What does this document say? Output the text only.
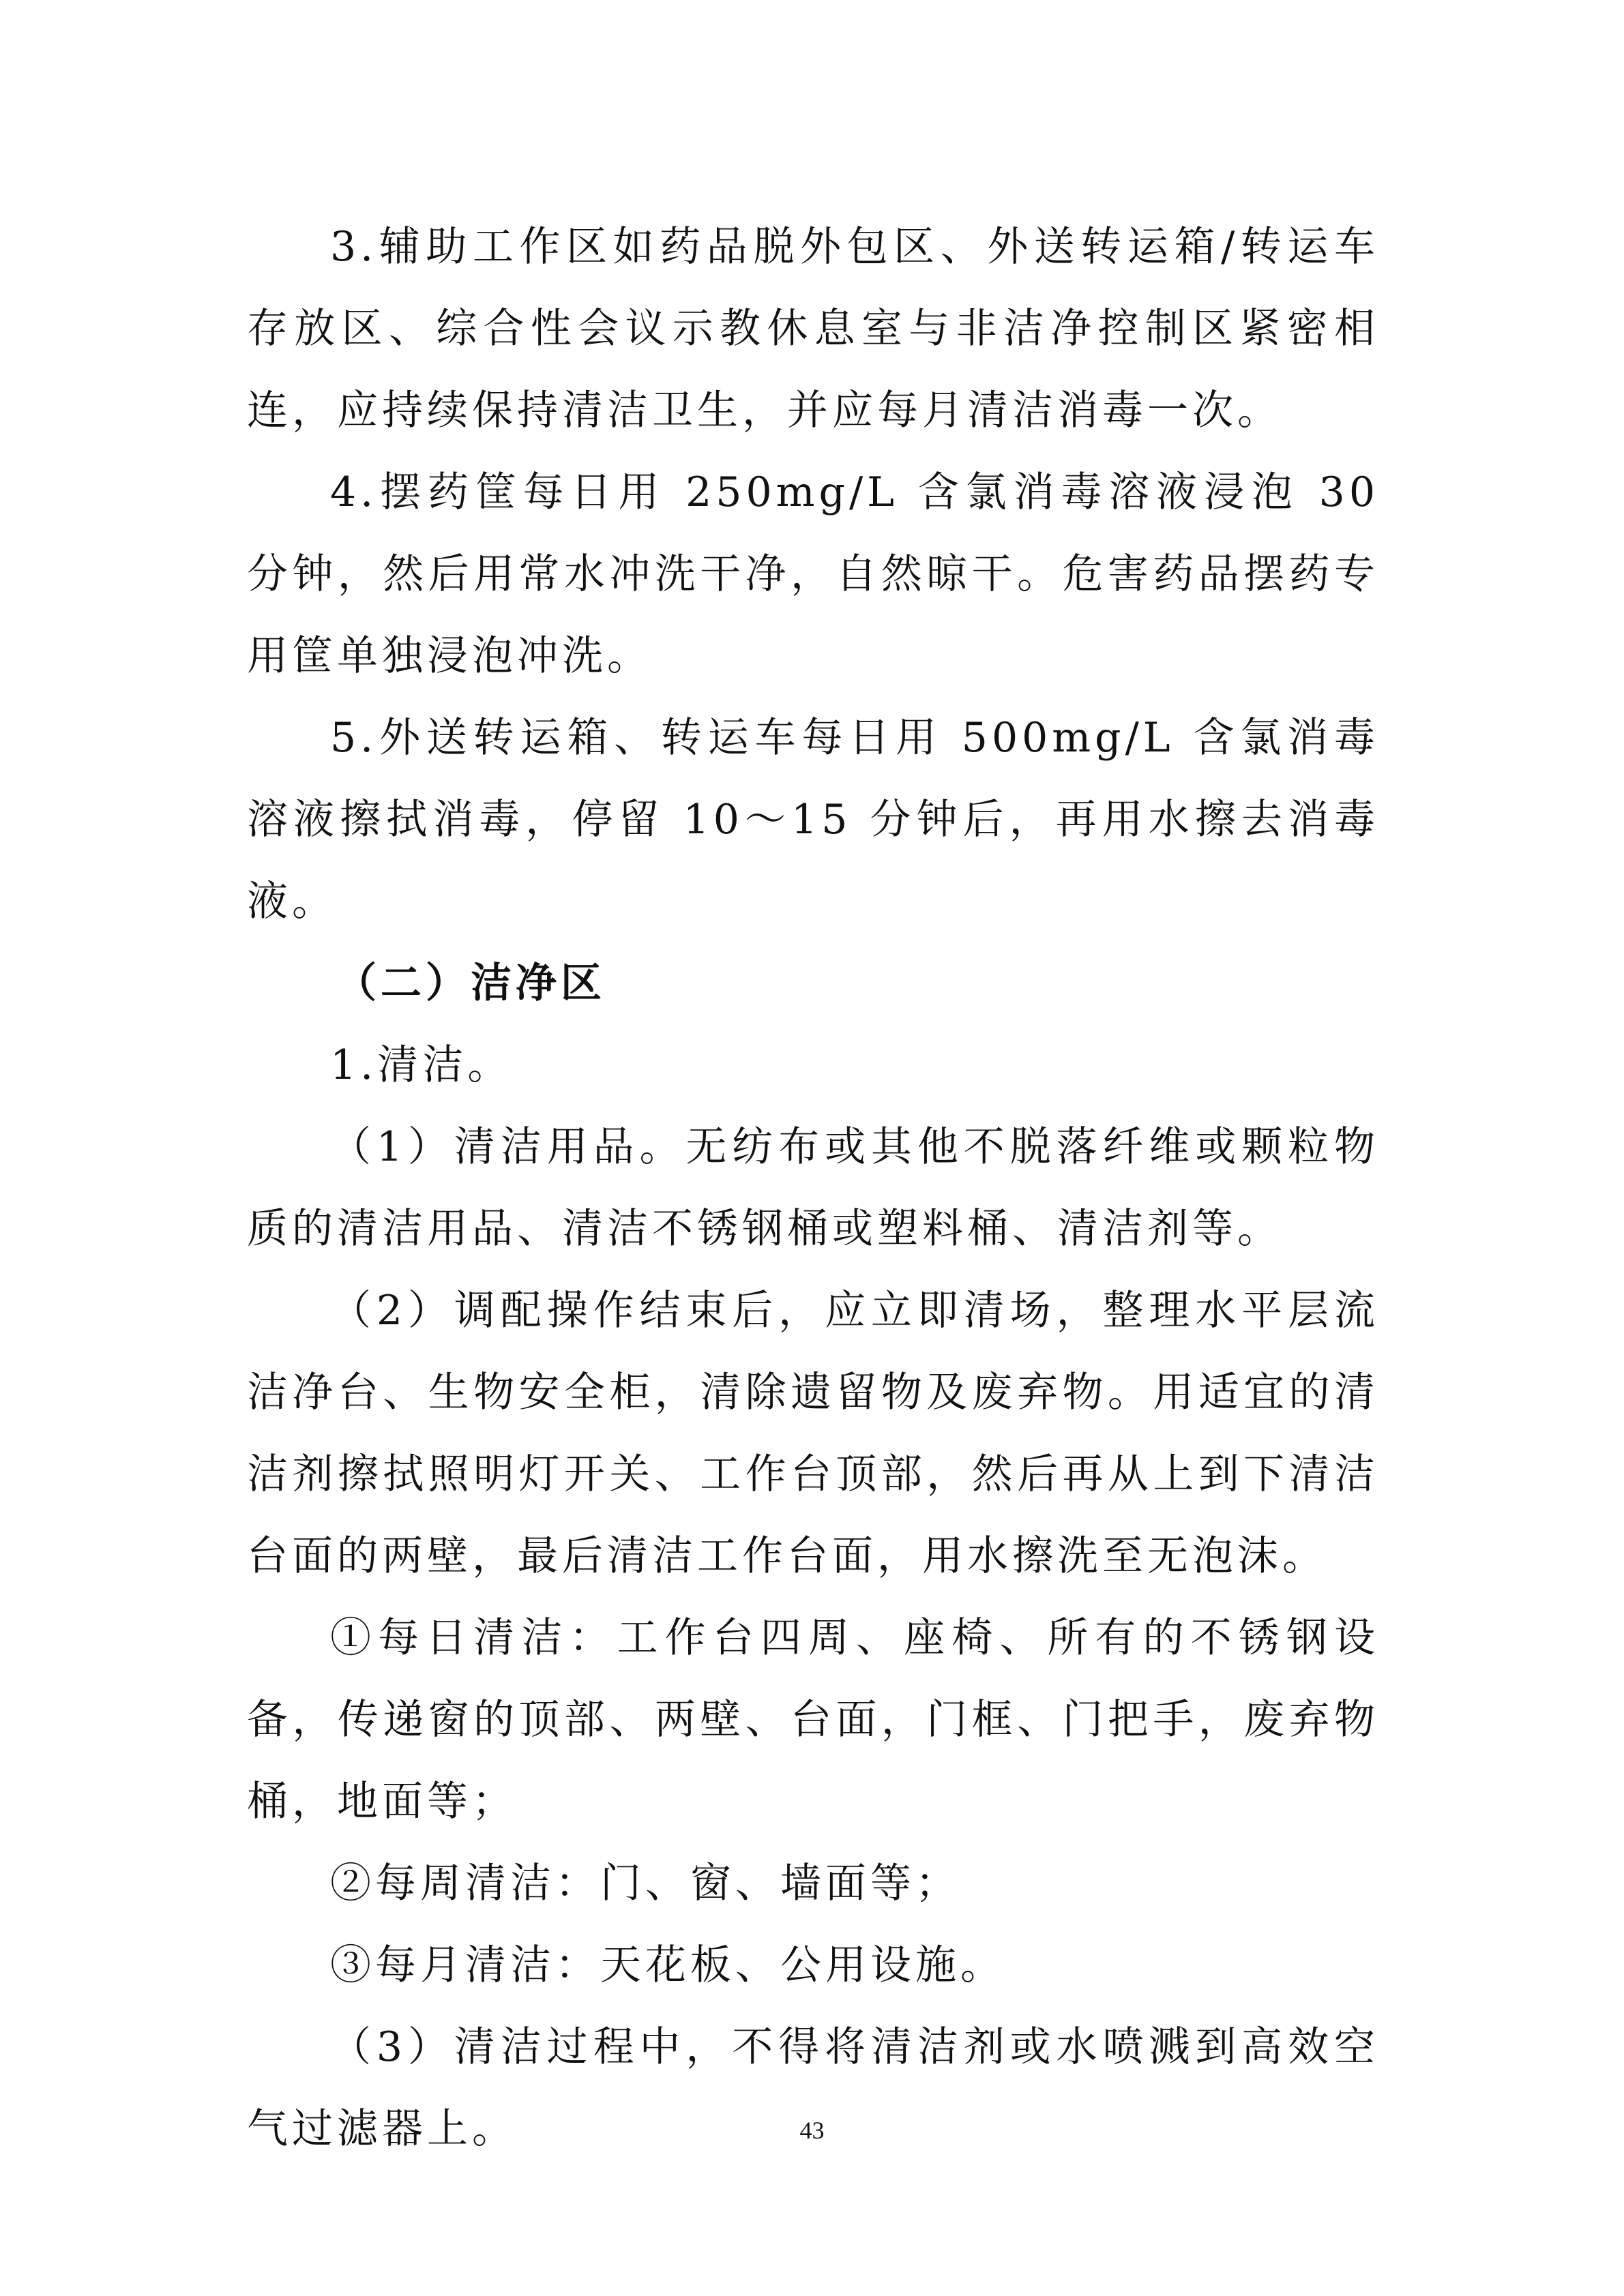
3.辅助工作区如药品脱外包区、外送转运箱/转运车存放区、综合性会议示教休息室与非洁净控制区紧密相连，应持续保持清洁卫生，并应每月清洁消毒一次。

4.摆药筐每日用 250mg/L 含氯消毒溶液浸泡 30 分钟，然后用常水冲洗干净，自然晾干。危害药品摆药专用筐单独浸泡冲洗。

5.外送转运箱、转运车每日用 500mg/L 含氯消毒溶液擦拭消毒，停留 10～15 分钟后，再用水擦去消毒液。

（二）洁净区

1.清洁。

（1）清洁用品。无纺布或其他不脱落纤维或颗粒物质的清洁用品、清洁不锈钢桶或塑料桶、清洁剂等。

（2）调配操作结束后，应立即清场，整理水平层流洁净台、生物安全柜，清除遗留物及废弃物。用适宜的清洁剂擦拭照明灯开关、工作台顶部，然后再从上到下清洁台面的两壁，最后清洁工作台面，用水擦洗至无泡沫。

①每日清洁：工作台四周、座椅、所有的不锈钢设备，传递窗的顶部、两壁、台面，门框、门把手，废弃物桶，地面等；

②每周清洁：门、窗、墙面等；

③每月清洁：天花板、公用设施。

（3）清洁过程中，不得将清洁剂或水喷溅到高效空气过滤器上。	43
